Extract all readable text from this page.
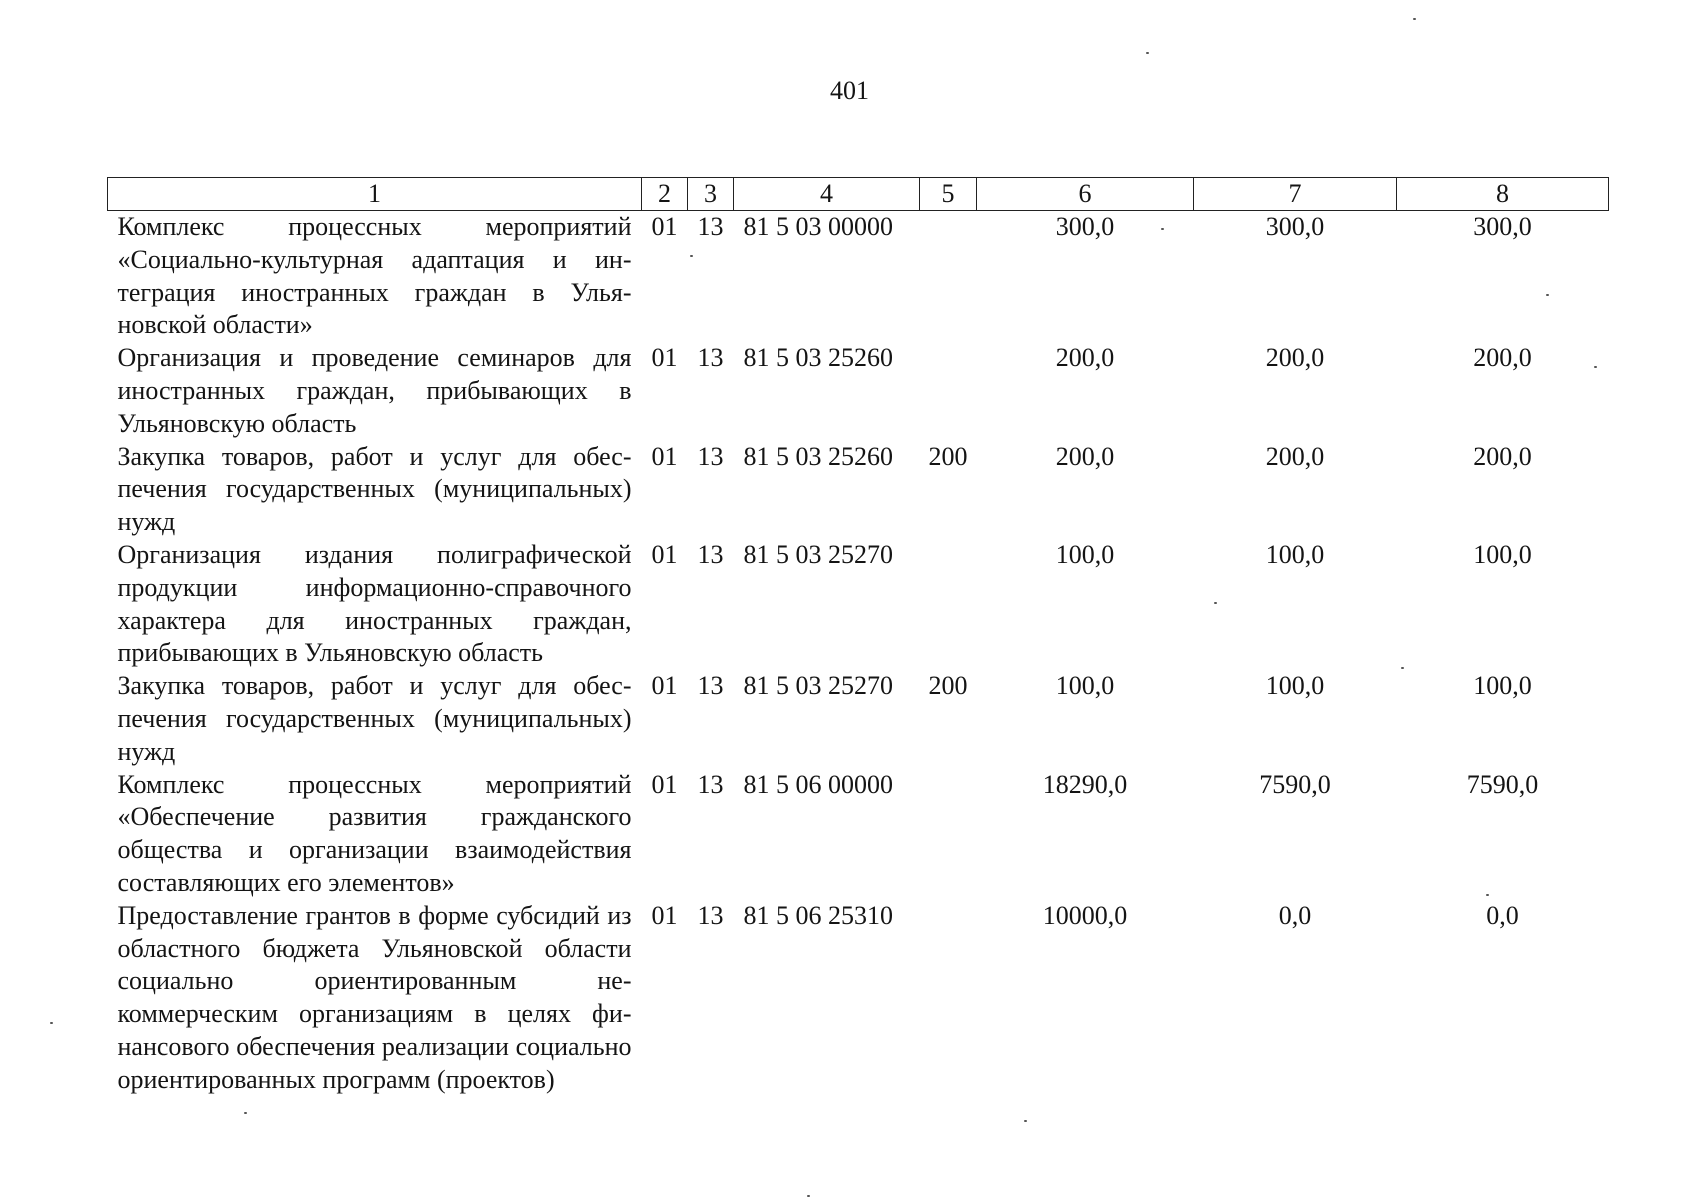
401
1	2	3	4	5	6	7	8
Комплекс процессных мероприятий «Социально-культурная адаптация и интеграция иностранных граждан в Ульяновской области»	01	13	81 5 03 00000		300,0	300,0	300,0
Организация и проведение семинаров для иностранных граждан, прибывающих в Ульяновскую область	01	13	81 5 03 25260		200,0	200,0	200,0
Закупка товаров, работ и услуг для обеспечения государственных (муниципальных) нужд	01	13	81 5 03 25260	200	200,0	200,0	200,0
Организация издания полиграфической продукции информационно-справочного характера для иностранных граждан, прибывающих в Ульяновскую область	01	13	81 5 03 25270		100,0	100,0	100,0
Закупка товаров, работ и услуг для обеспечения государственных (муниципальных) нужд	01	13	81 5 03 25270	200	100,0	100,0	100,0
Комплекс процессных мероприятий «Обеспечение развития гражданского общества и организации взаимодействия составляющих его элементов»	01	13	81 5 06 00000		18290,0	7590,0	7590,0
Предоставление грантов в форме субсидий из областного бюджета Ульяновской области социально ориентированным некоммерческим организациям в целях финансового обеспечения реализации социально ориентированных программ (проектов)	01	13	81 5 06 25310		10000,0	0,0	0,0
